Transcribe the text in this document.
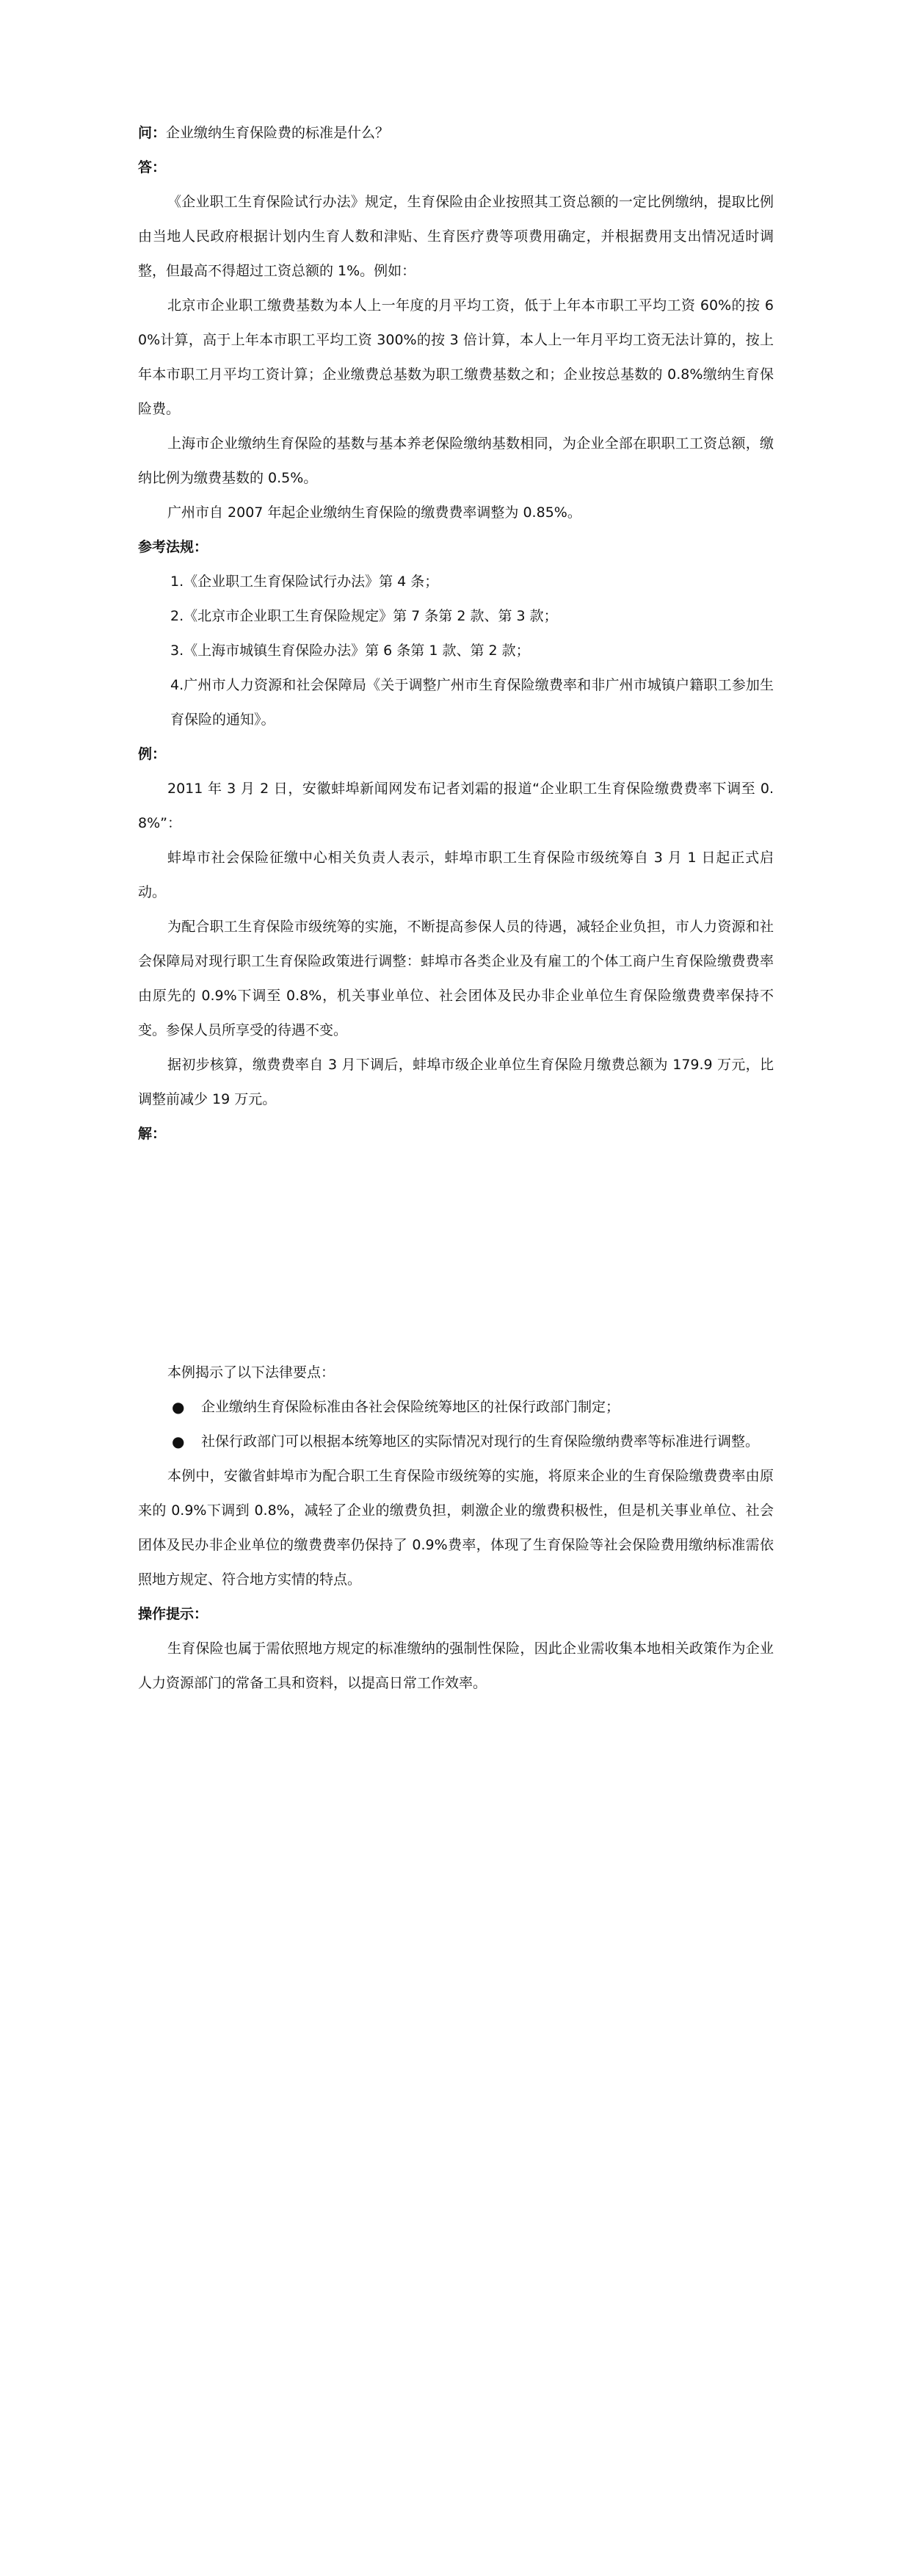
问：企业缴纳生育保险费的标准是什么？

答：

《企业职工生育保险试行办法》规定，生育保险由企业按照其工资总额的一定比例缴纳，提取比例由当地人民政府根据计划内生育人数和津贴、生育医疗费等项费用确定，并根据费用支出情况适时调整，但最高不得超过工资总额的 1%。例如：

北京市企业职工缴费基数为本人上一年度的月平均工资，低于上年本市职工平均工资 60%的按 60%计算，高于上年本市职工平均工资 300%的按 3 倍计算，本人上一年月平均工资无法计算的，按上年本市职工月平均工资计算；企业缴费总基数为职工缴费基数之和；企业按总基数的 0.8%缴纳生育保险费。

上海市企业缴纳生育保险的基数与基本养老保险缴纳基数相同，为企业全部在职职工工资总额，缴纳比例为缴费基数的 0.5%。

广州市自 2007 年起企业缴纳生育保险的缴费费率调整为 0.85%。

参考法规：

1.《企业职工生育保险试行办法》第 4 条；

2.《北京市企业职工生育保险规定》第 7 条第 2 款、第 3 款；

3.《上海市城镇生育保险办法》第 6 条第 1 款、第 2 款；

4.广州市人力资源和社会保障局《关于调整广州市生育保险缴费率和非广州市城镇户籍职工参加生育保险的通知》。

例：

2011 年 3 月 2 日，安徽蚌埠新闻网发布记者刘霜的报道“企业职工生育保险缴费费率下调至 0.8%”：

蚌埠市社会保险征缴中心相关负责人表示，蚌埠市职工生育保险市级统筹自 3 月 1 日起正式启动。

为配合职工生育保险市级统筹的实施，不断提高参保人员的待遇，减轻企业负担，市人力资源和社会保障局对现行职工生育保险政策进行调整：蚌埠市各类企业及有雇工的个体工商户生育保险缴费费率由原先的 0.9%下调至 0.8%，机关事业单位、社会团体及民办非企业单位生育保险缴费费率保持不变。参保人员所享受的待遇不变。

据初步核算，缴费费率自 3 月下调后，蚌埠市级企业单位生育保险月缴费总额为 179.9 万元，比调整前减少 19 万元。

解：

本例揭示了以下法律要点：

● 企业缴纳生育保险标准由各社会保险统筹地区的社保行政部门制定；

● 社保行政部门可以根据本统筹地区的实际情况对现行的生育保险缴纳费率等标准进行调整。

本例中，安徽省蚌埠市为配合职工生育保险市级统筹的实施，将原来企业的生育保险缴费费率由原来的 0.9%下调到 0.8%，减轻了企业的缴费负担，刺激企业的缴费积极性，但是机关事业单位、社会团体及民办非企业单位的缴费费率仍保持了 0.9%费率，体现了生育保险等社会保险费用缴纳标准需依照地方规定、符合地方实情的特点。

操作提示：

生育保险也属于需依照地方规定的标准缴纳的强制性保险，因此企业需收集本地相关政策作为企业人力资源部门的常备工具和资料，以提高日常工作效率。
